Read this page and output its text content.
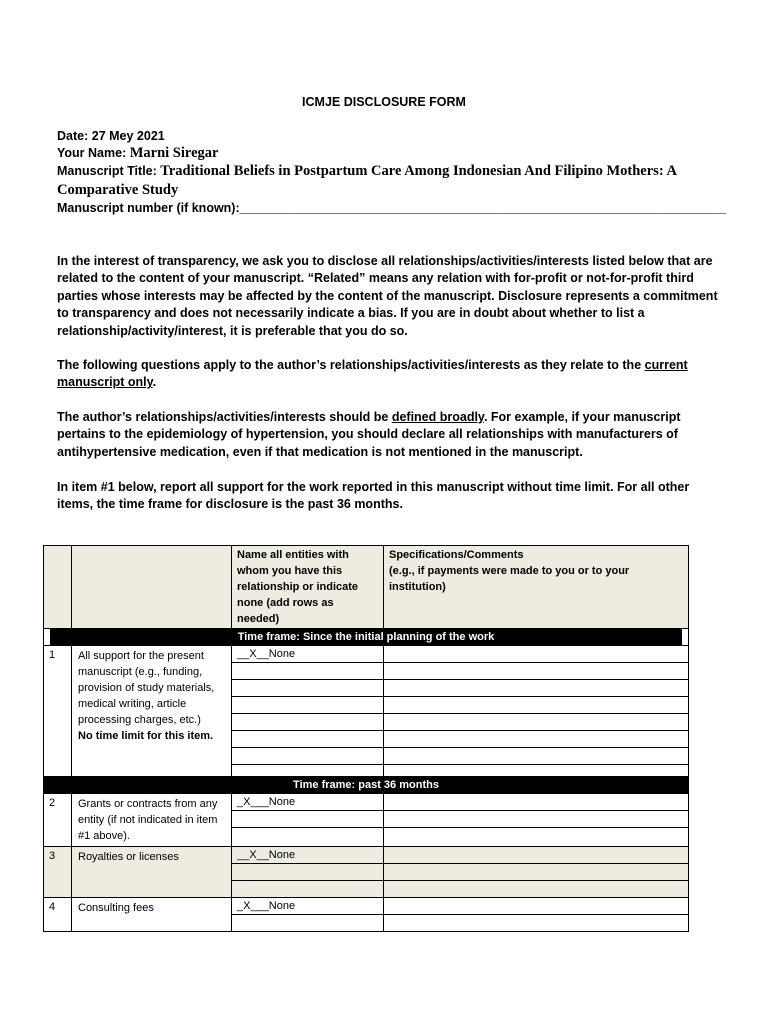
ICMJE DISCLOSURE FORM
Date: 27 Mey 2021
Your Name: Marni Siregar
Manuscript Title: Traditional Beliefs in Postpartum Care Among Indonesian And Filipino Mothers: A
Comparative Study
Manuscript number (if known):______________________________________________________________________
In the interest of transparency, we ask you to disclose all relationships/activities/interests listed below that are related to the content of your manuscript. “Related” means any relation with for-profit or not-for-profit third parties whose interests may be affected by the content of the manuscript. Disclosure represents a commitment to transparency and does not necessarily indicate a bias. If you are in doubt about whether to list a relationship/activity/interest, it is preferable that you do so.
The following questions apply to the author’s relationships/activities/interests as they relate to the current manuscript only.
The author’s relationships/activities/interests should be defined broadly. For example, if your manuscript pertains to the epidemiology of hypertension, you should declare all relationships with manufacturers of antihypertensive medication, even if that medication is not mentioned in the manuscript.
In item #1 below, report all support for the work reported in this manuscript without time limit. For all other items, the time frame for disclosure is the past 36 months.

		Name all entities with whom you have this relationship or indicate none (add rows as needed)	Specifications/Comments
(e.g., if payments were made to you or to your institution)

Time frame: Since the initial planning of the work			

1	All support for the present manuscript (e.g., funding, provision of study materials, medical writing, article processing charges, etc.)
No time limit for this item.	__X__None	

Time frame: past 36 months			

2	Grants or contracts from any entity (if not indicated in item #1 above).	_X___None	

3	Royalties or licenses	__X__None	

4	Consulting fees	_X___None	
